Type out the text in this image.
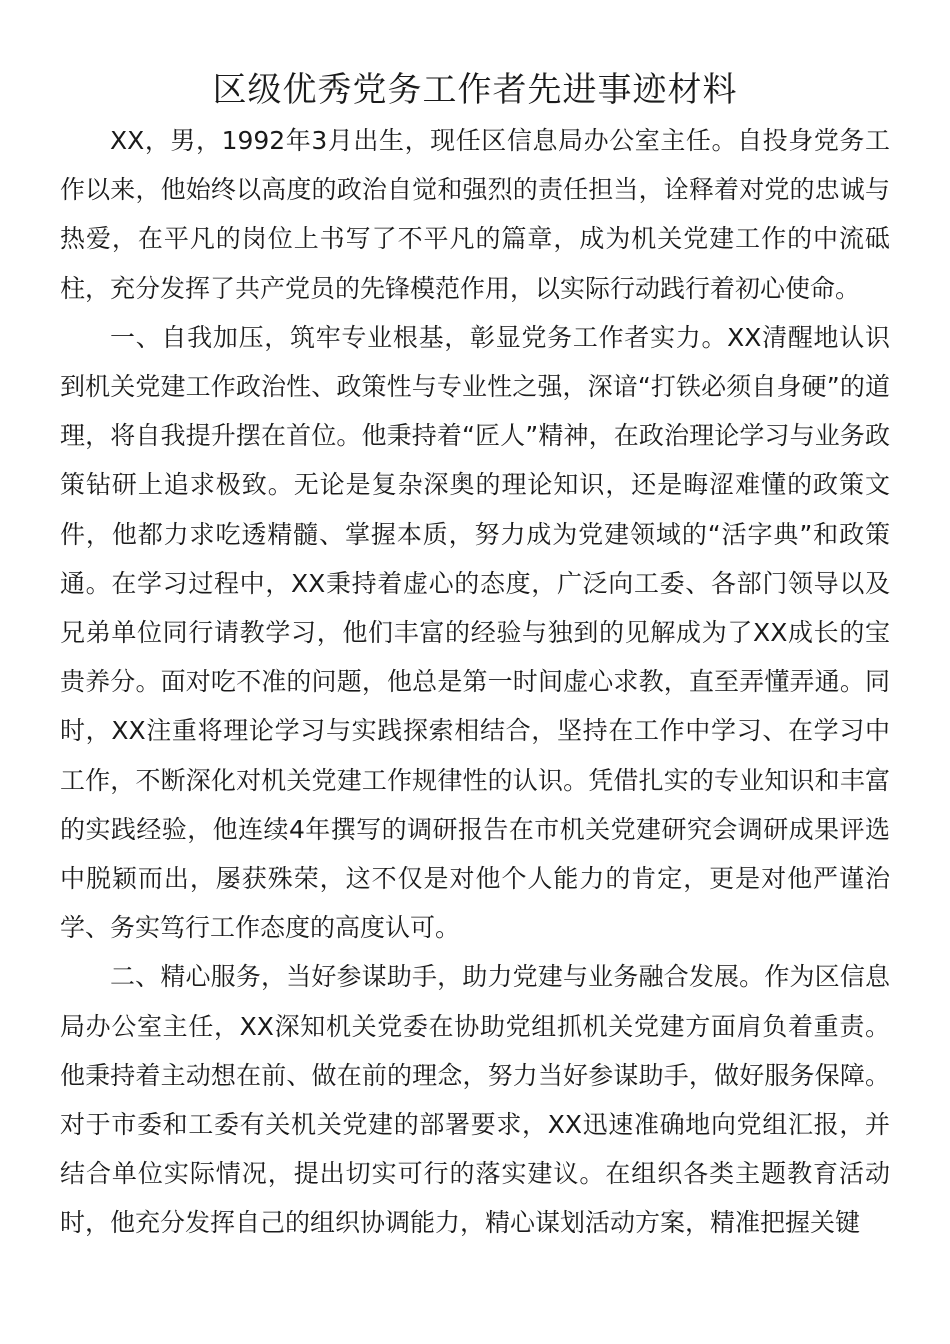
区级优秀党务工作者先进事迹材料

XX，男，1992年3月出生，现任区信息局办公室主任。自投身党务工作以来，他始终以高度的政治自觉和强烈的责任担当，诠释着对党的忠诚与热爱，在平凡的岗位上书写了不平凡的篇章，成为机关党建工作的中流砥柱，充分发挥了共产党员的先锋模范作用，以实际行动践行着初心使命。

一、自我加压，筑牢专业根基，彰显党务工作者实力。XX清醒地认识到机关党建工作政治性、政策性与专业性之强，深谙“打铁必须自身硬”的道理，将自我提升摆在首位。他秉持着“匠人”精神，在政治理论学习与业务政策钻研上追求极致。无论是复杂深奥的理论知识，还是晦涩难懂的政策文件，他都力求吃透精髓、掌握本质，努力成为党建领域的“活字典”和政策通。在学习过程中，XX秉持着虚心的态度，广泛向工委、各部门领导以及兄弟单位同行请教学习，他们丰富的经验与独到的见解成为了XX成长的宝贵养分。面对吃不准的问题，他总是第一时间虚心求教，直至弄懂弄通。同时，XX注重将理论学习与实践探索相结合，坚持在工作中学习、在学习中工作，不断深化对机关党建工作规律性的认识。凭借扎实的专业知识和丰富的实践经验，他连续4年撰写的调研报告在市机关党建研究会调研成果评选中脱颖而出，屡获殊荣，这不仅是对他个人能力的肯定，更是对他严谨治学、务实笃行工作态度的高度认可。

二、精心服务，当好参谋助手，助力党建与业务融合发展。作为区信息局办公室主任，XX深知机关党委在协助党组抓机关党建方面肩负着重责。他秉持着主动想在前、做在前的理念，努力当好参谋助手，做好服务保障。对于市委和工委有关机关党建的部署要求，XX迅速准确地向党组汇报，并结合单位实际情况，提出切实可行的落实建议。在组织各类主题教育活动时，他充分发挥自己的组织协调能力，精心谋划活动方案，精准把握关键
